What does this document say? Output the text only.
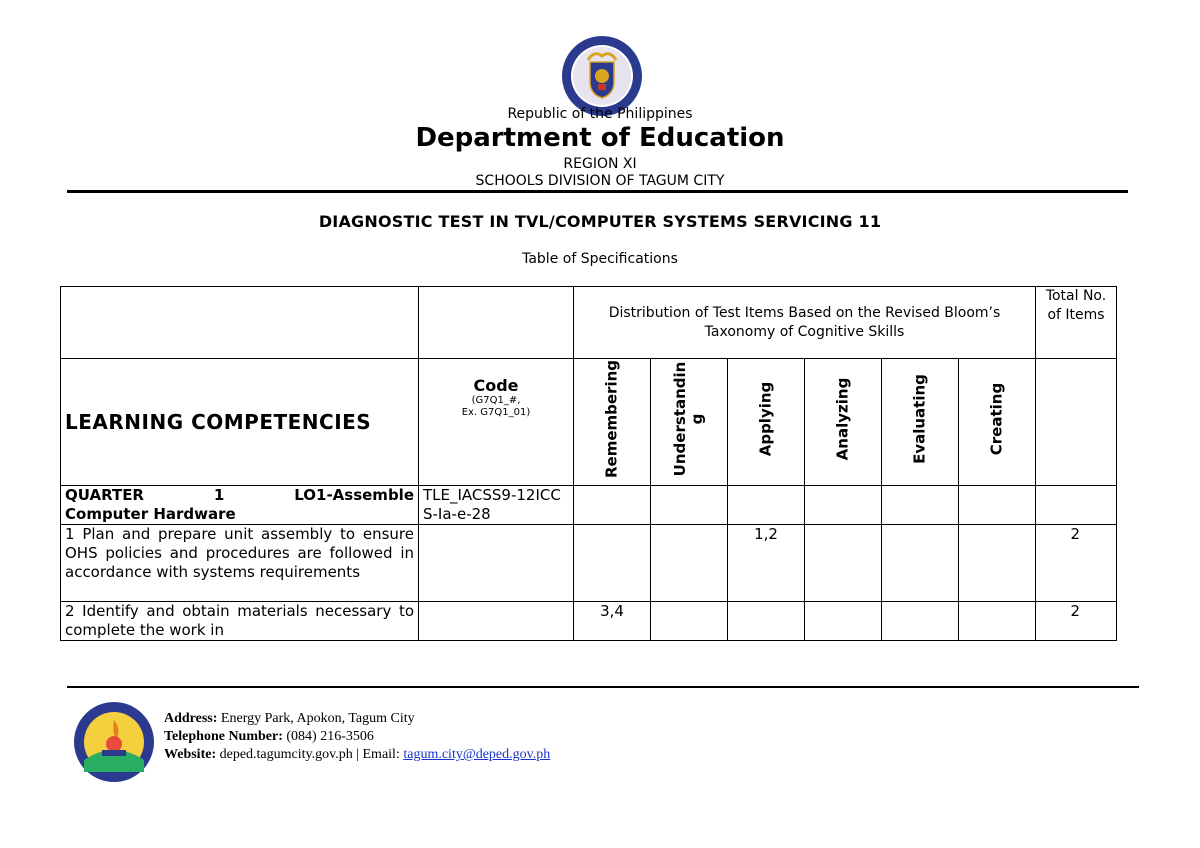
Republic of the Philippines
Department of Education
REGION XI
SCHOOLS DIVISION OF TAGUM CITY
DIAGNOSTIC TEST IN TVL/COMPUTER SYSTEMS SERVICING 11
Table of Specifications
		Distribution of Test Items Based on the Revised Bloom’s Taxonomy of Cognitive Skills						Total No. of Items
LEARNING COMPETENCIES	Code
(G7Q1_#,
Ex. G7Q1_01)	Remembering	Understanding	Applying	Analyzing	Evaluating	Creating	

QUARTER 1 LO1-Assemble
Computer Hardware	TLE_IACSS9-12ICCS-Ia-e-28							
1 Plan and prepare unit assembly to ensure OHS policies and procedures are followed in accordance with systems requirements				1,2				2
2 Identify and obtain materials necessary to complete the work in		3,4						2
Address: Energy Park, Apokon, Tagum City
Telephone Number: (084) 216-3506
Website: deped.tagumcity.gov.ph | Email: tagum.city@deped.gov.ph
